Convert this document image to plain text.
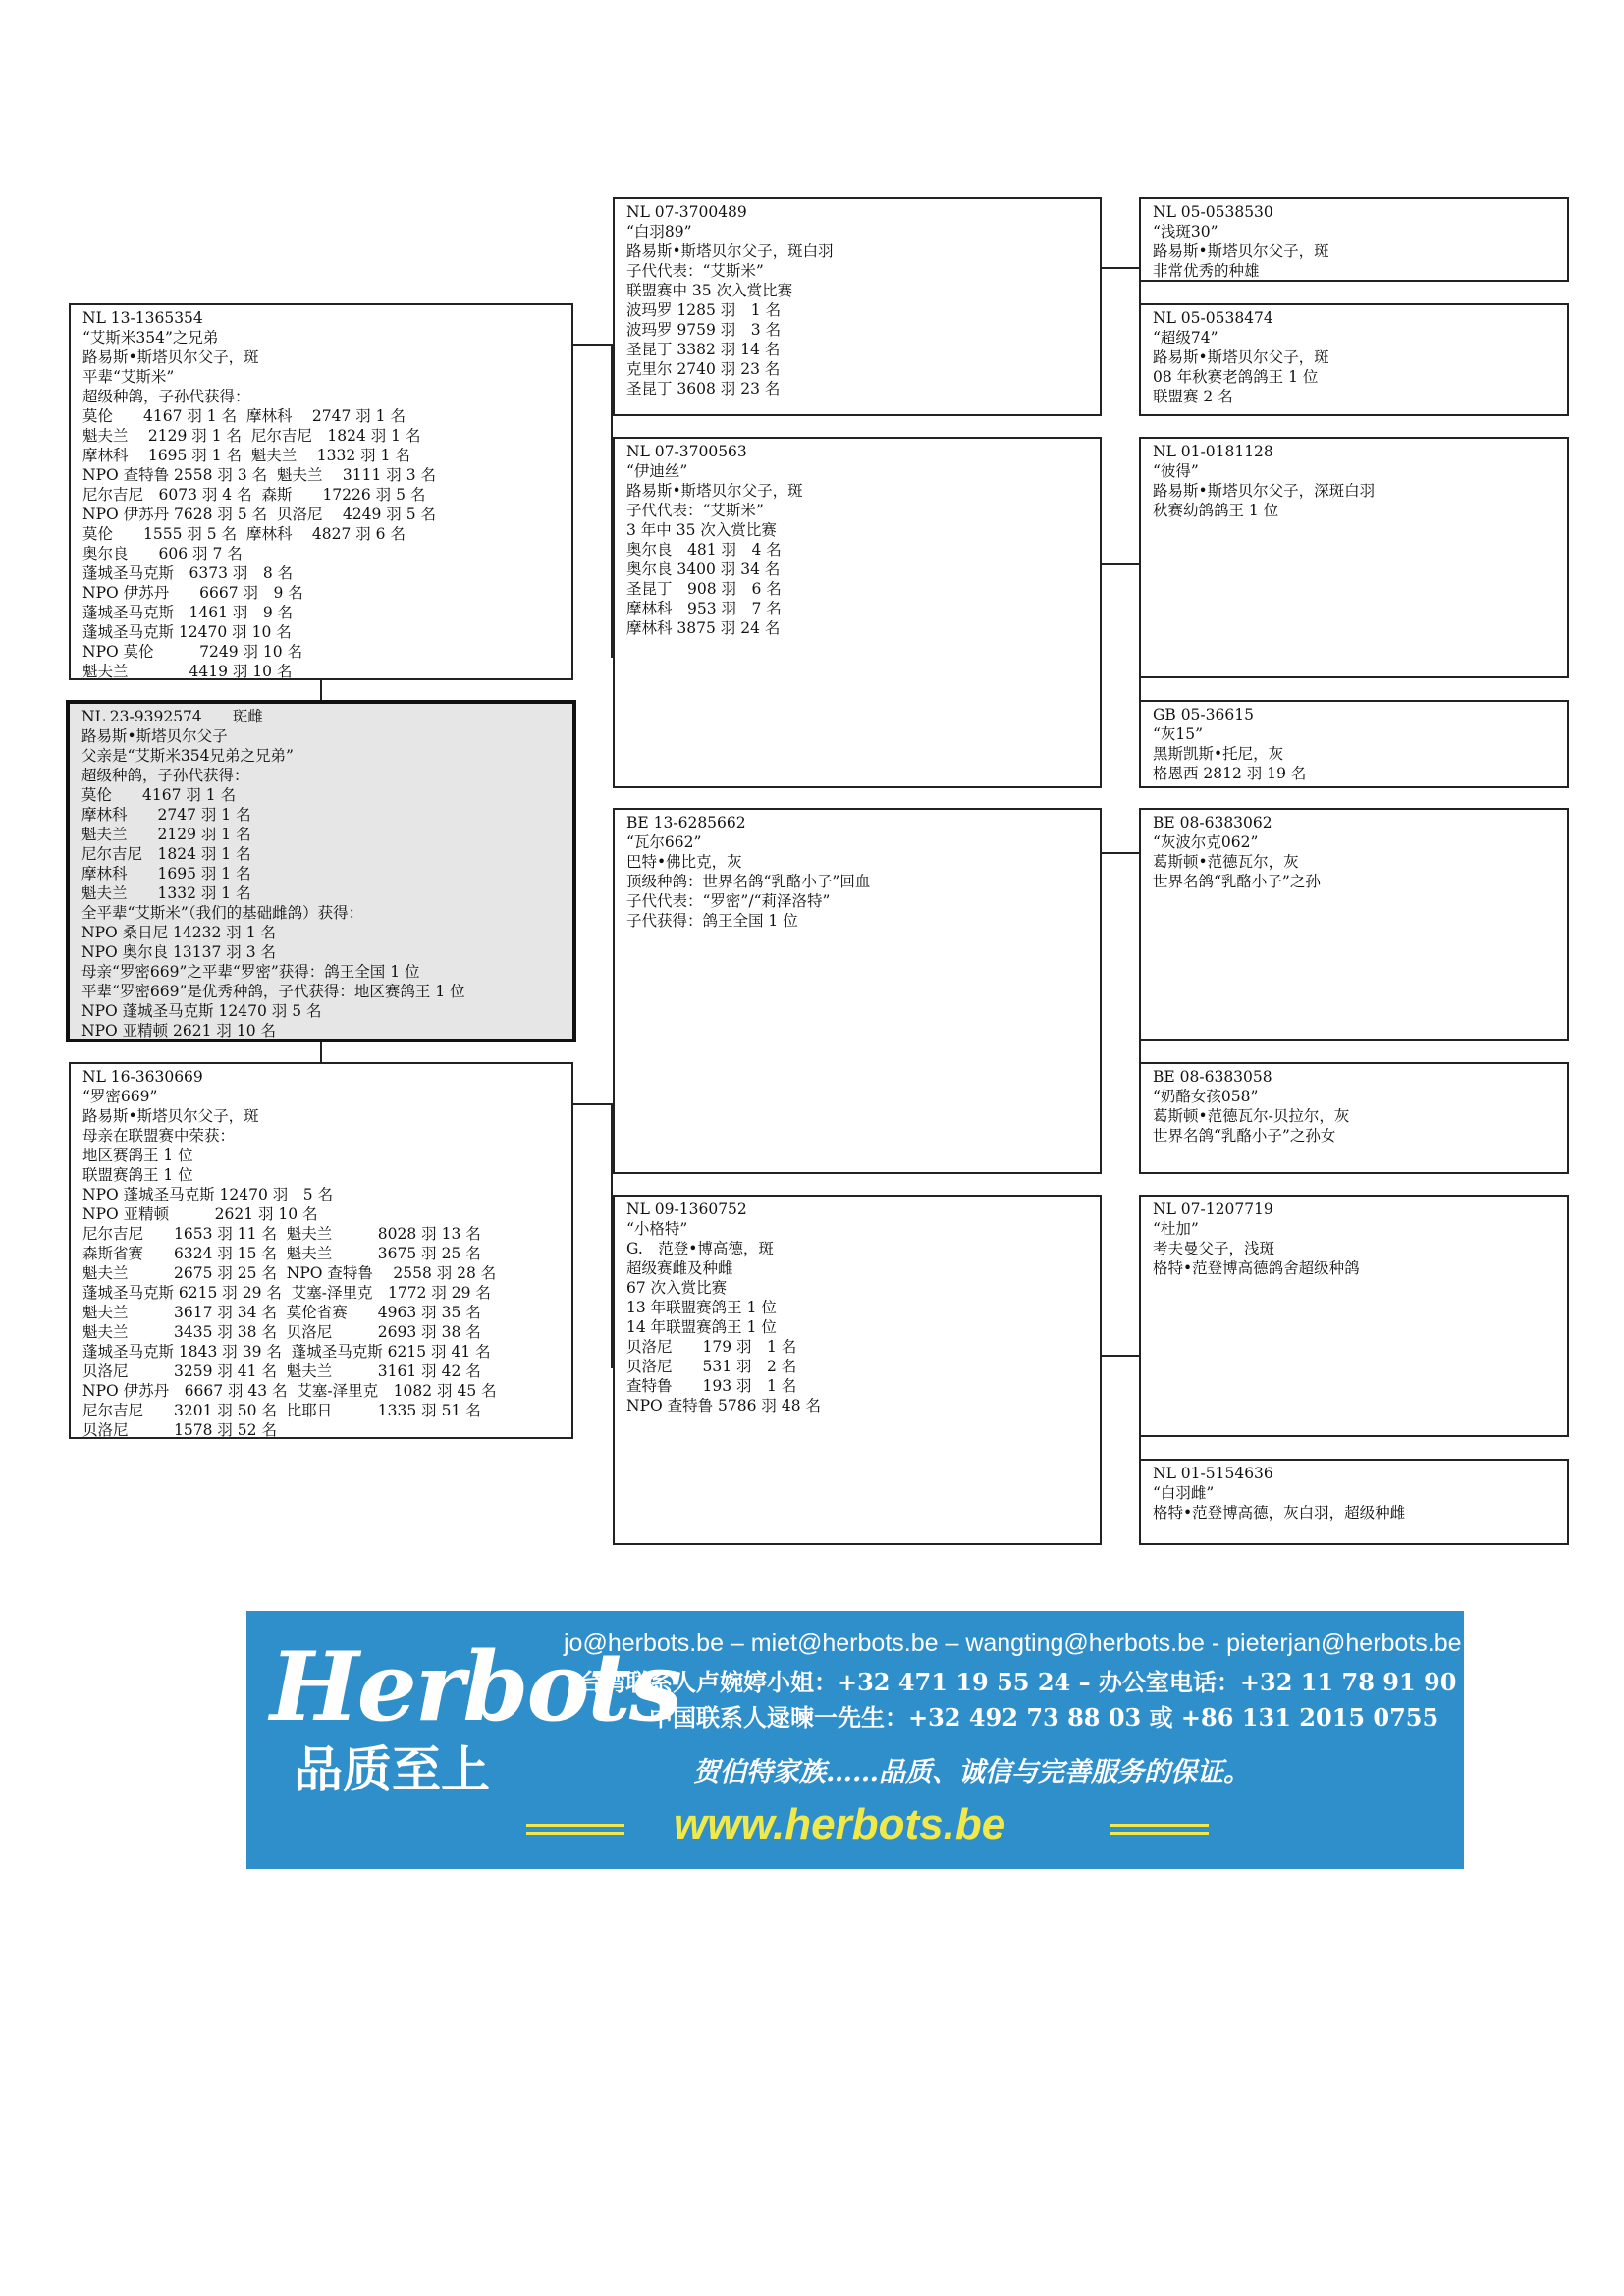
NL 13-1365354
“艾斯米354”之兄弟
路易斯•斯塔贝尔父子，斑
平辈“艾斯米”
超级种鸽，子孙代获得：
莫伦　　4167 羽 1 名  摩林科　 2747 羽 1 名
魁夫兰　 2129 羽 1 名  尼尔吉尼　1824 羽 1 名
摩林科　 1695 羽 1 名  魁夫兰　 1332 羽 1 名
NPO 查特鲁 2558 羽 3 名  魁夫兰　 3111 羽 3 名
尼尔吉尼　6073 羽 4 名  森斯　　17226 羽 5 名
NPO 伊苏丹 7628 羽 5 名  贝洛尼　 4249 羽 5 名
莫伦　　1555 羽 5 名  摩林科　 4827 羽 6 名
奥尔良　　606 羽 7 名
蓬城圣马克斯　6373 羽　8 名
NPO 伊苏丹　　6667 羽　9 名
蓬城圣马克斯　1461 羽　9 名
蓬城圣马克斯 12470 羽 10 名
NPO 莫伦　　　7249 羽 10 名
魁夫兰　　　　4419 羽 10 名
NL 23-9392574　　斑雌
路易斯•斯塔贝尔父子
父亲是“艾斯米354兄弟之兄弟”
超级种鸽，子孙代获得：
莫伦　　4167 羽 1 名
摩林科　　2747 羽 1 名
魁夫兰　　2129 羽 1 名
尼尔吉尼　1824 羽 1 名
摩林科　　1695 羽 1 名
魁夫兰　　1332 羽 1 名
全平辈“艾斯米”（我们的基础雌鸽）获得：
NPO 桑日尼 14232 羽 1 名
NPO 奥尔良 13137 羽 3 名
母亲“罗密669”之平辈“罗密”获得：鸽王全国 1 位
平辈“罗密669”是优秀种鸽，子代获得：地区赛鸽王 1 位
NPO 蓬城圣马克斯 12470 羽 5 名
NPO 亚精顿 2621 羽 10 名
NL 16-3630669
“罗密669”
路易斯•斯塔贝尔父子，斑
母亲在联盟赛中荣获：
地区赛鸽王 1 位
联盟赛鸽王 1 位
NPO 蓬城圣马克斯 12470 羽　5 名
NPO 亚精顿　　　2621 羽 10 名
尼尔吉尼　　1653 羽 11 名  魁夫兰　　　8028 羽 13 名
森斯省赛　　6324 羽 15 名  魁夫兰　　　3675 羽 25 名
魁夫兰　　　2675 羽 25 名  NPO 查特鲁　 2558 羽 28 名
蓬城圣马克斯 6215 羽 29 名  艾塞-泽里克　1772 羽 29 名
魁夫兰　　　3617 羽 34 名  莫伦省赛　　4963 羽 35 名
魁夫兰　　　3435 羽 38 名  贝洛尼　　　2693 羽 38 名
蓬城圣马克斯 1843 羽 39 名  蓬城圣马克斯 6215 羽 41 名
贝洛尼　　　3259 羽 41 名  魁夫兰　　　3161 羽 42 名
NPO 伊苏丹　6667 羽 43 名  艾塞-泽里克　1082 羽 45 名
尼尔吉尼　　3201 羽 50 名  比耶日　　　1335 羽 51 名
贝洛尼　　　1578 羽 52 名
NL 07-3700489
“白羽89”
路易斯•斯塔贝尔父子，斑白羽
子代代表：“艾斯米”
联盟赛中 35 次入赏比赛
波玛罗 1285 羽　1 名
波玛罗 9759 羽　3 名
圣昆丁 3382 羽 14 名
克里尔 2740 羽 23 名
圣昆丁 3608 羽 23 名
NL 07-3700563
“伊迪丝”
路易斯•斯塔贝尔父子，斑
子代代表：“艾斯米”
3 年中 35 次入赏比赛
奥尔良　481 羽　4 名
奥尔良 3400 羽 34 名
圣昆丁　908 羽　6 名
摩林科　953 羽　7 名
摩林科 3875 羽 24 名
BE 13-6285662
“瓦尔662”
巴特•佛比克，灰
顶级种鸽：世界名鸽“乳酪小子”回血
子代代表：“罗密”/“莉泽洛特”
子代获得：鸽王全国 1 位
NL 09-1360752
“小格特”
G.　范登•博高德，斑
超级赛雌及种雌
67 次入赏比赛
13 年联盟赛鸽王 1 位
14 年联盟赛鸽王 1 位
贝洛尼　　179 羽　1 名
贝洛尼　　531 羽　2 名
查特鲁　　193 羽　1 名
NPO 查特鲁 5786 羽 48 名
NL 05-0538530
“浅斑30”
路易斯•斯塔贝尔父子，斑
非常优秀的种雄
NL 05-0538474
“超级74”
路易斯•斯塔贝尔父子，斑
08 年秋赛老鸽鸽王 1 位
联盟赛 2 名
NL 01-0181128
“彼得”
路易斯•斯塔贝尔父子，深斑白羽
秋赛幼鸽鸽王 1 位
GB 05-36615
“灰15”
黑斯凯斯•托尼，灰
格恩西 2812 羽 19 名
BE 08-6383062
“灰波尔克062”
葛斯顿•范德瓦尔，灰
世界名鸽“乳酪小子”之孙
BE 08-6383058
“奶酪女孩058”
葛斯顿•范德瓦尔-贝拉尔，灰
世界名鸽“乳酪小子”之孙女
NL 07-1207719
“杜加”
考夫曼父子，浅斑
格特•范登博高德鸽舍超级种鸽
NL 01-5154636
“白羽雌”
格特•范登博高德，灰白羽，超级种雌
Herbots
品质至上
jo@herbots.be – miet@herbots.be – wangting@herbots.be - pieterjan@herbots.be
台湾联系人卢婉婷小姐：+32 471 19 55 24 – 办公室电话：+32 11 78 91 90
中国联系人逯暕一先生：+32 492 73 88 03 或 +86 131 2015 0755
贺伯特家族……品质、诚信与完善服务的保证。
www.herbots.be
